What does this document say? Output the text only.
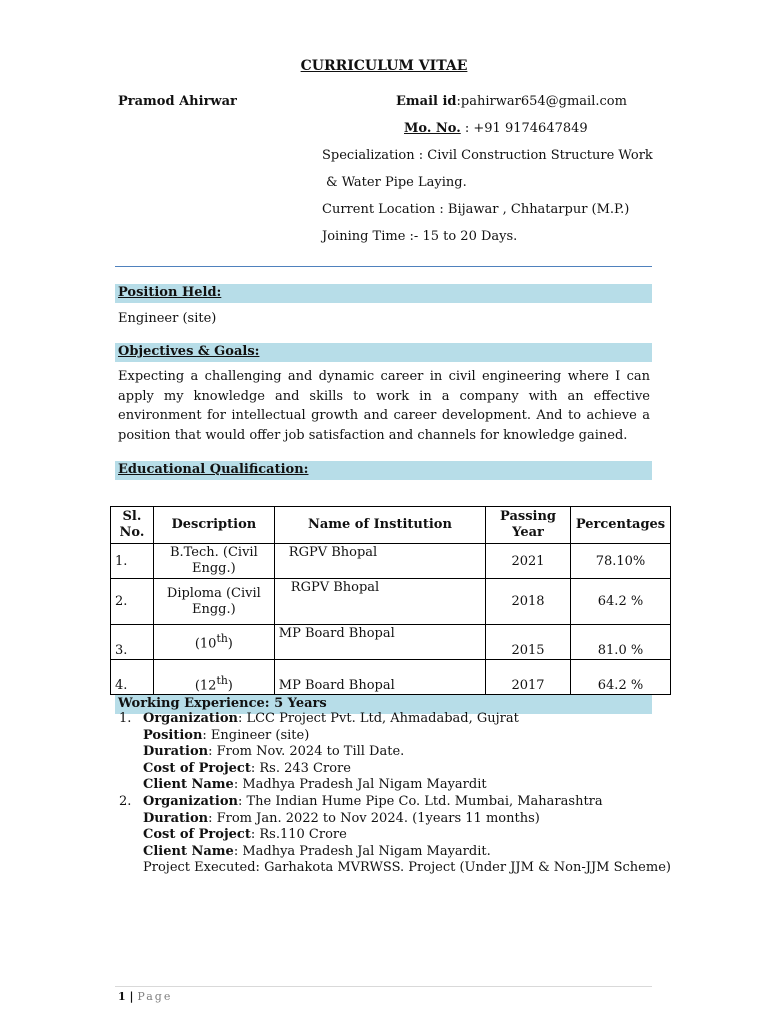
CURRICULUM VITAE
Pramod Ahirwar	Email id:pahirwar654@gmail.com
Mo. No. : +91 9174647849
Specialization : Civil Construction Structure Work
& Water Pipe Laying.
Current Location : Bijawar , Chhatarpur (M.P.)
Joining Time :- 15 to 20 Days.
Position Held:
Engineer (site)
Objectives & Goals:
Expecting a challenging and dynamic career in civil engineering where I can apply my knowledge and skills to work in a company with an effective environment for intellectual growth and career development. And to achieve a position that would offer job satisfaction and channels for knowledge gained.
Educational Qualification:
Sl. No.	Description	Name of Institution	Passing Year	Percentages
1.	B.Tech. (Civil Engg.)	RGPV Bhopal	2021	78.10%
2.	Diploma (Civil Engg.)	RGPV Bhopal	2018	64.2 %
3.	(10th)	MP Board Bhopal	2015	81.0 %
4.	(12th)	MP Board Bhopal	2017	64.2 %
Working Experience: 5 Years
1. Organization: LCC Project Pvt. Ltd, Ahmadabad, Gujrat
Position: Engineer (site)
Duration: From Nov. 2024 to Till Date.
Cost of Project: Rs. 243 Crore
Client Name: Madhya Pradesh Jal Nigam Mayardit
2. Organization: The Indian Hume Pipe Co. Ltd. Mumbai, Maharashtra
Duration: From Jan. 2022 to Nov 2024. (1years 11 months)
Cost of Project: Rs.110 Crore
Client Name: Madhya Pradesh Jal Nigam Mayardit.
Project Executed: Garhakota MVRWSS. Project (Under JJM & Non-JJM Scheme)
1 | Page
